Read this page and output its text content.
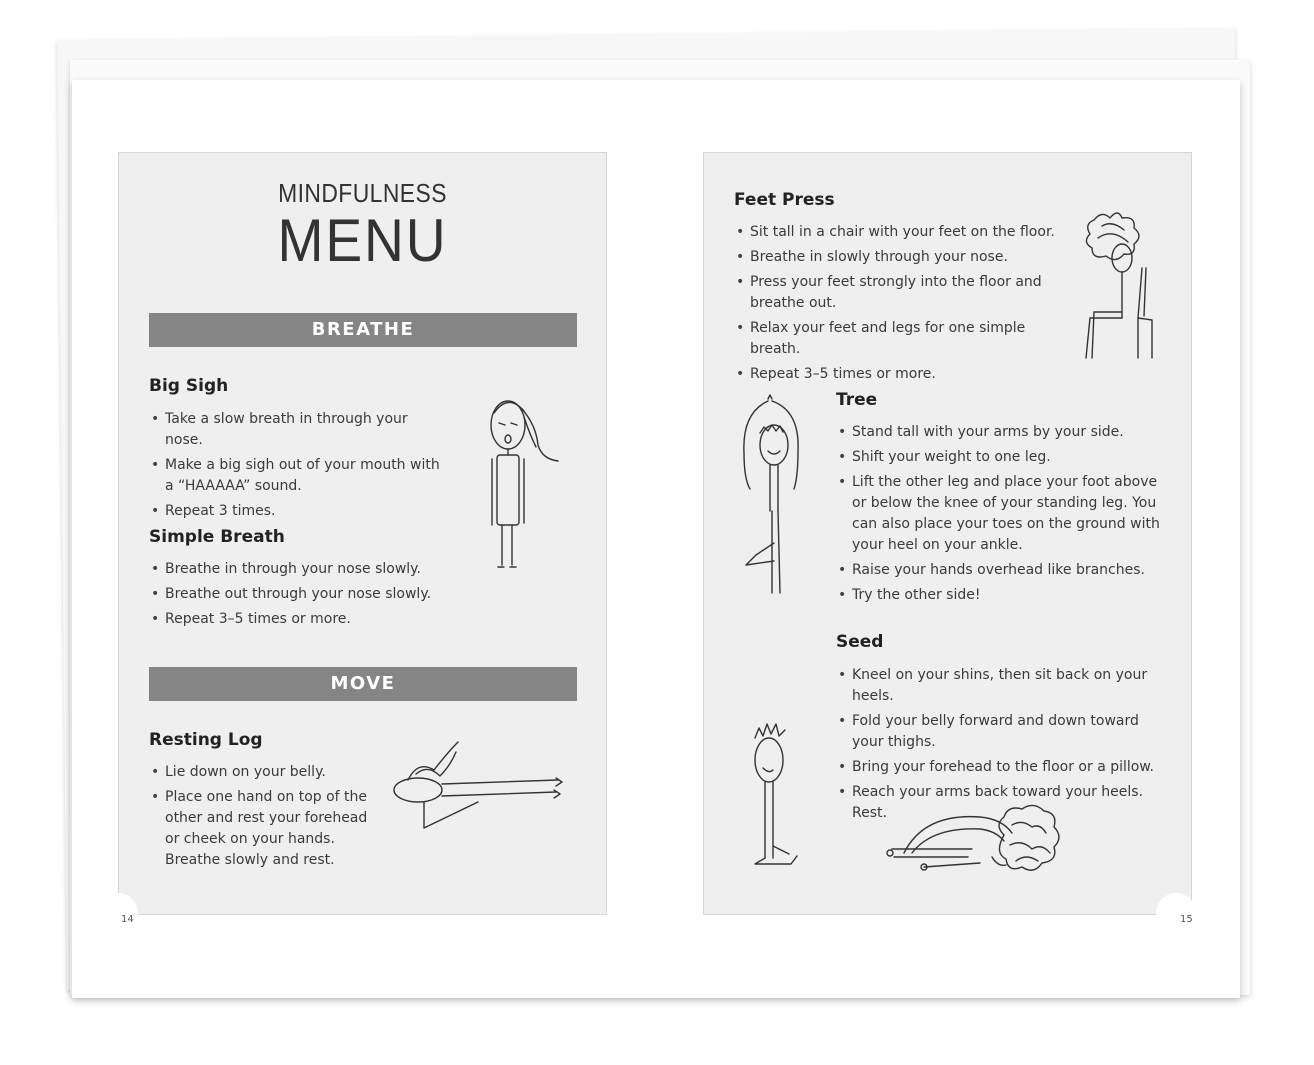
14
MINDFULNESS
MENU
BREATHE
Big Sigh
• Take a slow breath in through your nose.
• Make a big sigh out of your mouth with a “HAAAAA” sound.
• Repeat 3 times.
Simple Breath
• Breathe in through your nose slowly.
• Breathe out through your nose slowly.
• Repeat 3–5 times or more.
MOVE
Resting Log
• Lie down on your belly.
• Place one hand on top of the other and rest your forehead or cheek on your hands. Breathe slowly and rest.
15
Feet Press
• Sit tall in a chair with your feet on the floor.
• Breathe in slowly through your nose.
• Press your feet strongly into the floor and breathe out.
• Relax your feet and legs for one simple breath.
• Repeat 3–5 times or more.
Tree
• Stand tall with your arms by your side.
• Shift your weight to one leg.
• Lift the other leg and place your foot above or below the knee of your standing leg. You can also place your toes on the ground with your heel on your ankle.
• Raise your hands overhead like branches.
• Try the other side!
Seed
• Kneel on your shins, then sit back on your heels.
• Fold your belly forward and down toward your thighs.
• Bring your forehead to the floor or a pillow.
• Reach your arms back toward your heels. Rest.
